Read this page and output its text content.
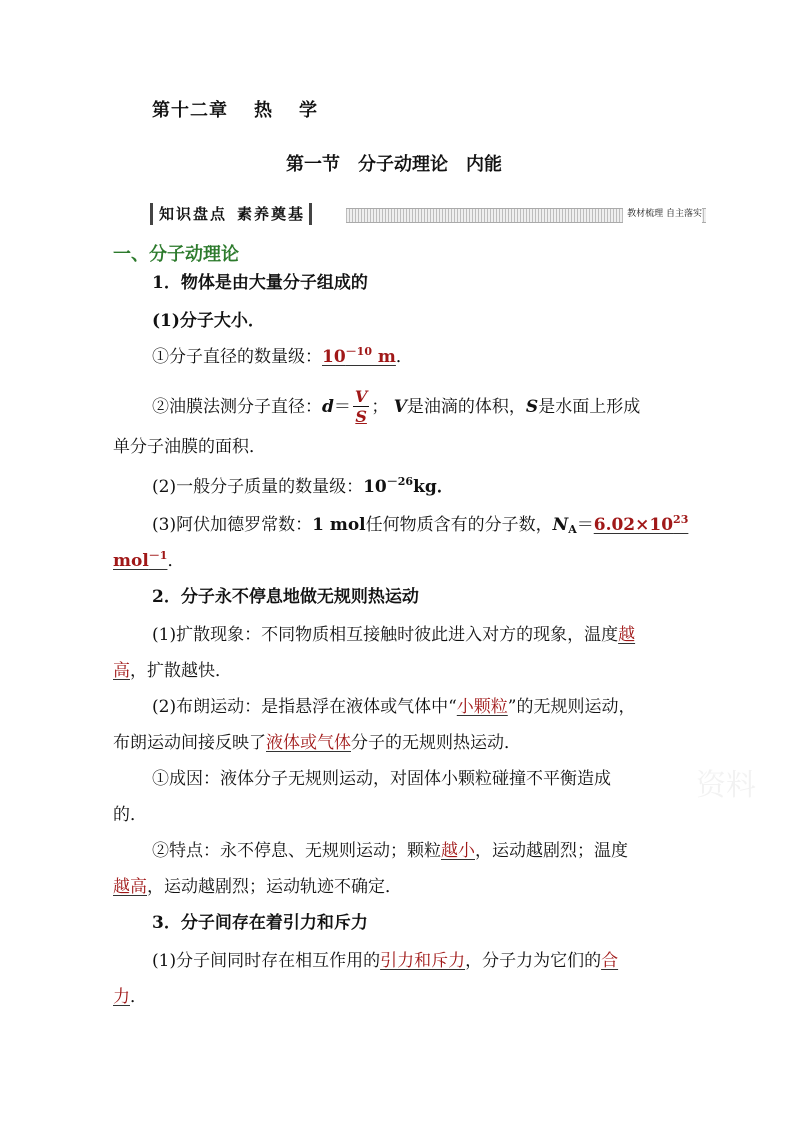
第十二章 热 学
第一节 分子动理论 内能
知识盘点 素养奠基	教材梳理 自主落实
一、分子动理论
1．物体是由大量分子组成的
(1)分子大小．
①分子直径的数量级：$10^{-10}$ m．
②油膜法测分子直径：$d= \frac{V}{S}$ ； V是油滴的体积，S是水面上形成
单分子油膜的面积．
(2)一般分子质量的数量级：$10^{-26}kg$．
(3)阿伏加德罗常数：1 mol任何物质含有的分子数，$N_A=6.02\times 10^{23}$
mol$^{-1}$．
2．分子永不停息地做无规则热运动
(1)扩散现象：不同物质相互接触时彼此进入对方的现象，温度越
高，扩散越快．
(2)布朗运动：是指悬浮在液体或气体中“小颗粒”的无规则运动，
布朗运动间接反映了液体或气体分子的无规则热运动．
①成因：液体分子无规则运动，对固体小颗粒碰撞不平衡造成
的．
②特点：永不停息、无规则运动；颗粒越小，运动越剧烈；温度
越高，运动越剧烈；运动轨迹不确定．
3．分子间存在着引力和斥力
(1)分子间同时存在相互作用的引力和斥力，分子力为它们的合
力．
资料
